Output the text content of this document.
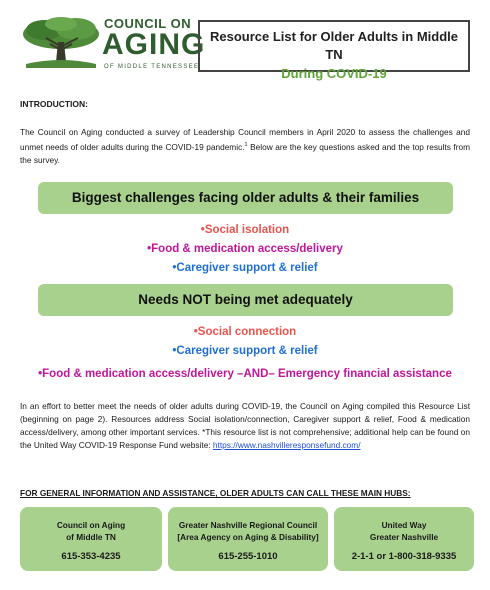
COUNCIL ON
AGING
OF MIDDLE TENNESSEE
Resource List for Older Adults in Middle TN
During COVID-19
INTRODUCTION:

The Council on Aging conducted a survey of Leadership Council members in April 2020 to assess the challenges and unmet needs of older adults during the COVID-19 pandemic.$^1$ Below are the key questions asked and the top results from the survey.

Biggest challenges facing older adults & their families
•Social isolation
•Food & medication access/delivery
•Caregiver support & relief
Needs NOT being met adequately
•Social connection
•Caregiver support & relief
•Food & medication access/delivery –AND– Emergency financial assistance

In an effort to better meet the needs of older adults during COVID-19, the Council on Aging compiled this Resource List (beginning on page 2). Resources address Social isolation/connection, Caregiver support & relief, Food & medication access/delivery, among other important services. *This resource list is not comprehensive; additional help can be found on the United Way COVID-19 Response Fund website: https://www.nashvilleresponsefund.com/

FOR GENERAL INFORMATION AND ASSISTANCE, OLDER ADULTS CAN CALL THESE MAIN HUBS:
Council on Aging
of Middle TN
615-353-4235
Greater Nashville Regional Council
[Area Agency on Aging & Disability]
615-255-1010
United Way
Greater Nashville
2-1-1 or 1-800-318-9335
